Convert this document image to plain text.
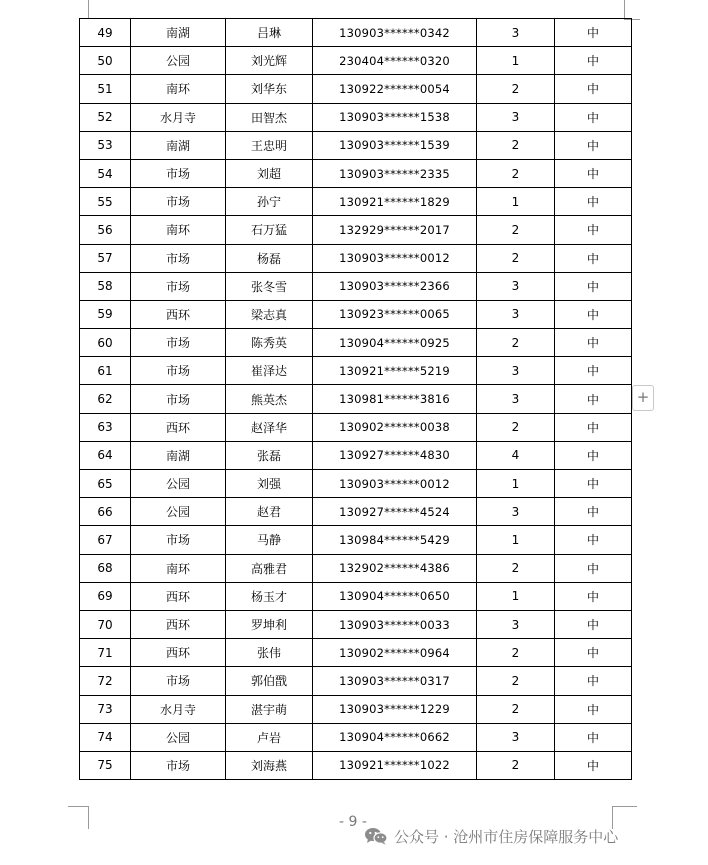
49	南湖	吕琳	130903******0342	3	中
50	公园	刘光辉	230404******0320	1	中
51	南环	刘华东	130922******0054	2	中
52	水月寺	田智杰	130903******1538	3	中
53	南湖	王忠明	130903******1539	2	中
54	市场	刘超	130903******2335	2	中
55	市场	孙宁	130921******1829	1	中
56	南环	石万猛	132929******2017	2	中
57	市场	杨磊	130903******0012	2	中
58	市场	张冬雪	130903******2366	3	中
59	西环	梁志真	130923******0065	3	中
60	市场	陈秀英	130904******0925	2	中
61	市场	崔泽达	130921******5219	3	中
62	市场	熊英杰	130981******3816	3	中
63	西环	赵泽华	130902******0038	2	中
64	南湖	张磊	130927******4830	4	中
65	公园	刘强	130903******0012	1	中
66	公园	赵君	130927******4524	3	中
67	市场	马静	130984******5429	1	中
68	南环	高雅君	132902******4386	2	中
69	西环	杨玉才	130904******0650	1	中
70	西环	罗坤利	130903******0033	3	中
71	西环	张伟	130902******0964	2	中
72	市场	郭伯戬	130903******0317	2	中
73	水月寺	湛宇萌	130903******1229	2	中
74	公园	卢岩	130904******0662	3	中
75	市场	刘海燕	130921******1022	2	中
+
- 9 -
公众号 · 沧州市住房保障服务中心
